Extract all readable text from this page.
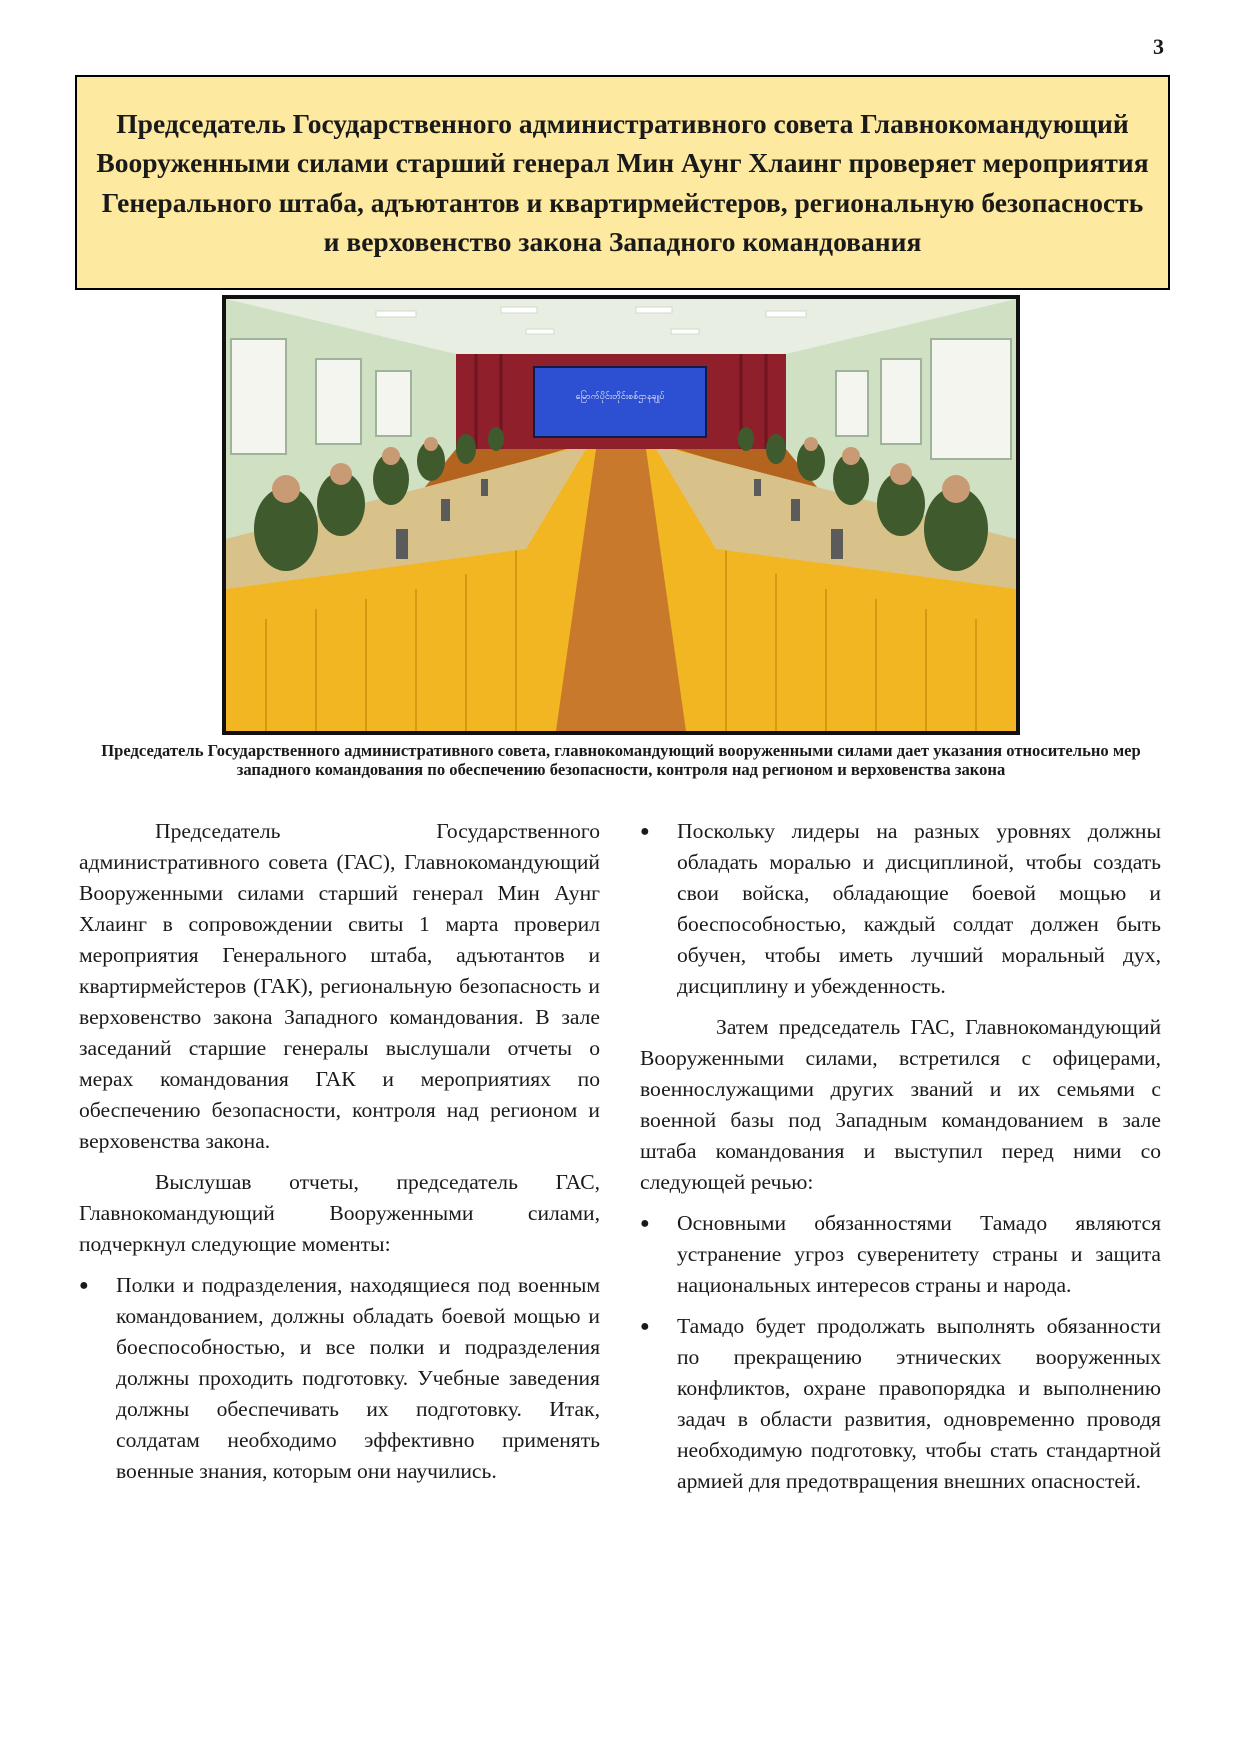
3
Председатель Государственного административного совета Главнокомандующий Вооруженными силами старший генерал Мин Аунг Хлаинг проверяет мероприятия Генерального штаба, адъютантов и квартирмейстеров, региональную безопасность и верховенство закона Западного командования
မြောက်ပိုင်းတိုင်းစစ်ဌာနချုပ်
Председатель Государственного административного совета, главнокомандующий вооруженными силами дает указания относительно мер западного командования по обеспечению безопасности, контроля над регионом и верховенства закона

Председатель Государственного административного совета (ГАС), Главнокомандующий Вооруженными силами старший генерал Мин Аунг Хлаинг в сопровождении свиты 1 марта проверил мероприятия Генерального штаба, адъютантов и квартирмейстеров (ГАК), региональную безопасность и верховенство закона Западного командования. В зале заседаний старшие генералы выслушали отчеты о мерах командования ГАК и мероприятиях по обеспечению безопасности, контроля над регионом и верховенства закона.

Выслушав отчеты, председатель ГАС, Главнокомандующий Вооруженными силами, подчеркнул следующие моменты:

● Полки и подразделения, находящиеся под военным командованием, должны обладать боевой мощью и боеспособностью, и все полки и подразделения должны проходить подготовку. Учебные заведения должны обеспечивать их подготовку. Итак, солдатам необходимо эффективно применять военные знания, которым они научились.
● Поскольку лидеры на разных уровнях должны обладать моралью и дисциплиной, чтобы создать свои войска, обладающие боевой мощью и боеспособностью, каждый солдат должен быть обучен, чтобы иметь лучший моральный дух, дисциплину и убежденность.

Затем председатель ГАС, Главнокомандующий Вооруженными силами, встретился с офицерами, военнослужащими других званий и их семьями с военной базы под Западным командованием в зале штаба командования и выступил перед ними со следующей речью:

● Основными обязанностями Тамадо являются устранение угроз суверенитету страны и защита национальных интересов страны и народа.
● Тамадо будет продолжать выполнять обязанности по прекращению этнических вооруженных конфликтов, охране правопорядка и выполнению задач в области развития, одновременно проводя необходимую подготовку, чтобы стать стандартной армией для предотвращения внешних опасностей.
